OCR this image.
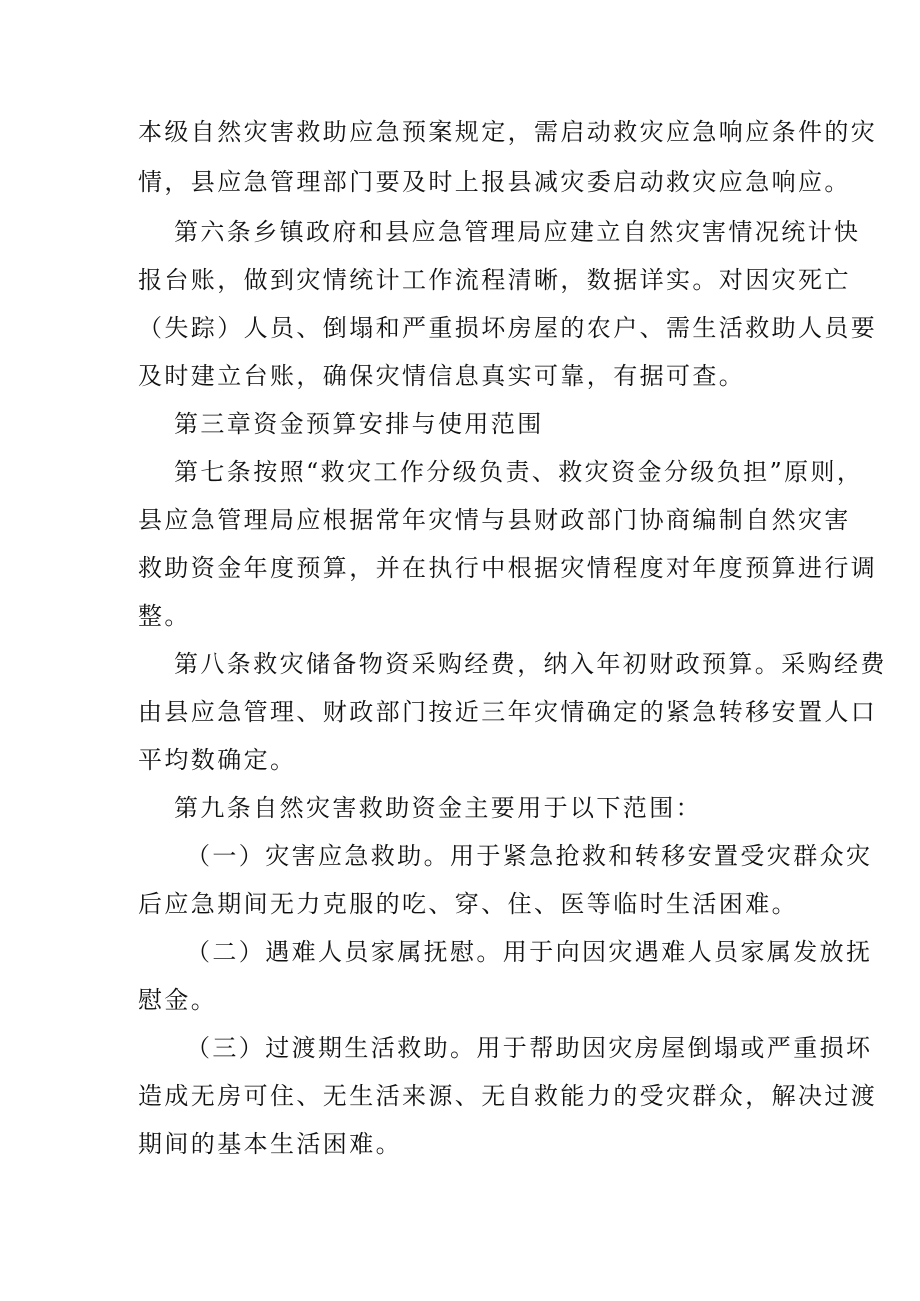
本级自然灾害救助应急预案规定，需启动救灾应急响应条件的灾
情，县应急管理部门要及时上报县减灾委启动救灾应急响应。
第六条乡镇政府和县应急管理局应建立自然灾害情况统计快
报台账，做到灾情统计工作流程清晰，数据详实。对因灾死亡
（失踪）人员、倒塌和严重损坏房屋的农户、需生活救助人员要
及时建立台账，确保灾情信息真实可靠，有据可查。
第三章资金预算安排与使用范围
第七条按照“救灾工作分级负责、救灾资金分级负担”原则，
县应急管理局应根据常年灾情与县财政部门协商编制自然灾害
救助资金年度预算，并在执行中根据灾情程度对年度预算进行调
整。
第八条救灾储备物资采购经费，纳入年初财政预算。采购经费
由县应急管理、财政部门按近三年灾情确定的紧急转移安置人口
平均数确定。
第九条自然灾害救助资金主要用于以下范围：
（一）灾害应急救助。用于紧急抢救和转移安置受灾群众灾
后应急期间无力克服的吃、穿、住、医等临时生活困难。
（二）遇难人员家属抚慰。用于向因灾遇难人员家属发放抚
慰金。
（三）过渡期生活救助。用于帮助因灾房屋倒塌或严重损坏
造成无房可住、无生活来源、无自救能力的受灾群众，解决过渡
期间的基本生活困难。
